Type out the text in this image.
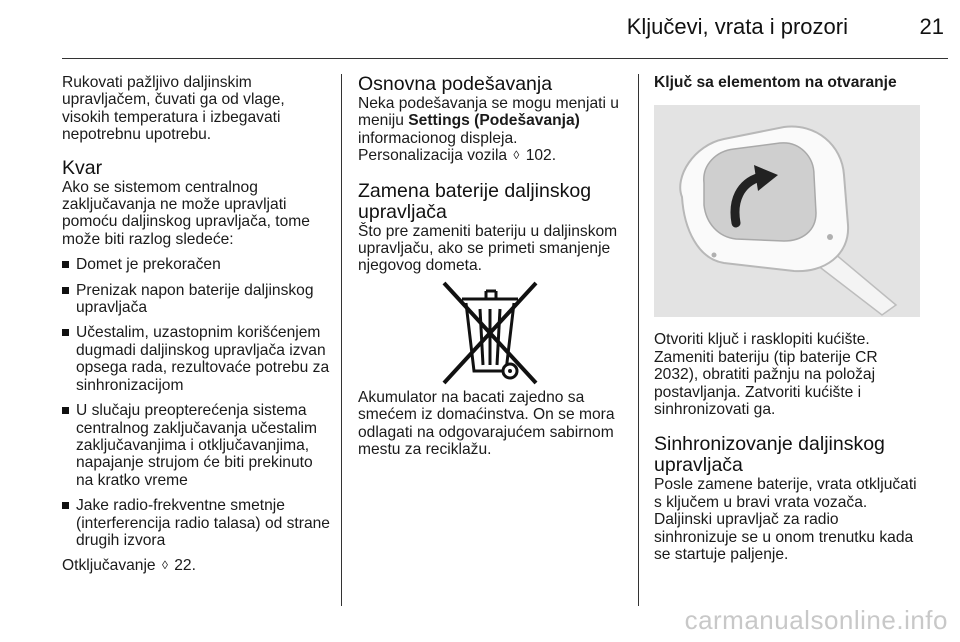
Ključevi, vrata i prozori	21

Rukovati pažljivo daljinskim upravljačem, čuvati ga od vlage, visokih temperatura i izbegavati nepotrebnu upotrebu.

Kvar

Ako se sistemom centralnog zaključavanja ne može upravljati pomoću daljinskog upravljača, tome može biti razlog sledeće:

Domet je prekoračen
Prenizak napon baterije daljinskog upravljača
Učestalim, uzastopnim korišćenjem dugmadi daljinskog upravljača izvan opsega rada, rezultovaće potrebu za sinhronizacijom
U slučaju preopterećenja sistema centralnog zaključavanja učestalim zaključavanjima i otključavanjima, napajanje strujom će biti prekinuto na kratko vreme
Jake radio-frekventne smetnje (interferencija radio talasa) od strane drugih izvora

Otključavanje ◊ 22.

Osnovna podešavanja

Neka podešavanja se mogu menjati u meniju Settings (Podešavanja) informacionog displeja.

Personalizacija vozila ◊ 102.

Zamena baterije daljinskog upravljača

Što pre zameniti bateriju u daljinskom upravljaču, ako se primeti smanjenje njegovog dometa.

Akumulator na bacati zajedno sa smećem iz domaćinstva. On se mora odlagati na odgovarajućem sabirnom mestu za reciklažu.

Ključ sa elementom na otvaranje

Otvoriti ključ i rasklopiti kućište. Zameniti bateriju (tip baterije CR 2032), obratiti pažnju na položaj postavljanja. Zatvoriti kućište i sinhronizovati ga.

Sinhronizovanje daljinskog upravljača

Posle zamene baterije, vrata otključati s ključem u bravi vrata vozača. Daljinski upravljač za radio sinhronizuje se u onom trenutku kada se startuje paljenje.

carmanualsonline.info
